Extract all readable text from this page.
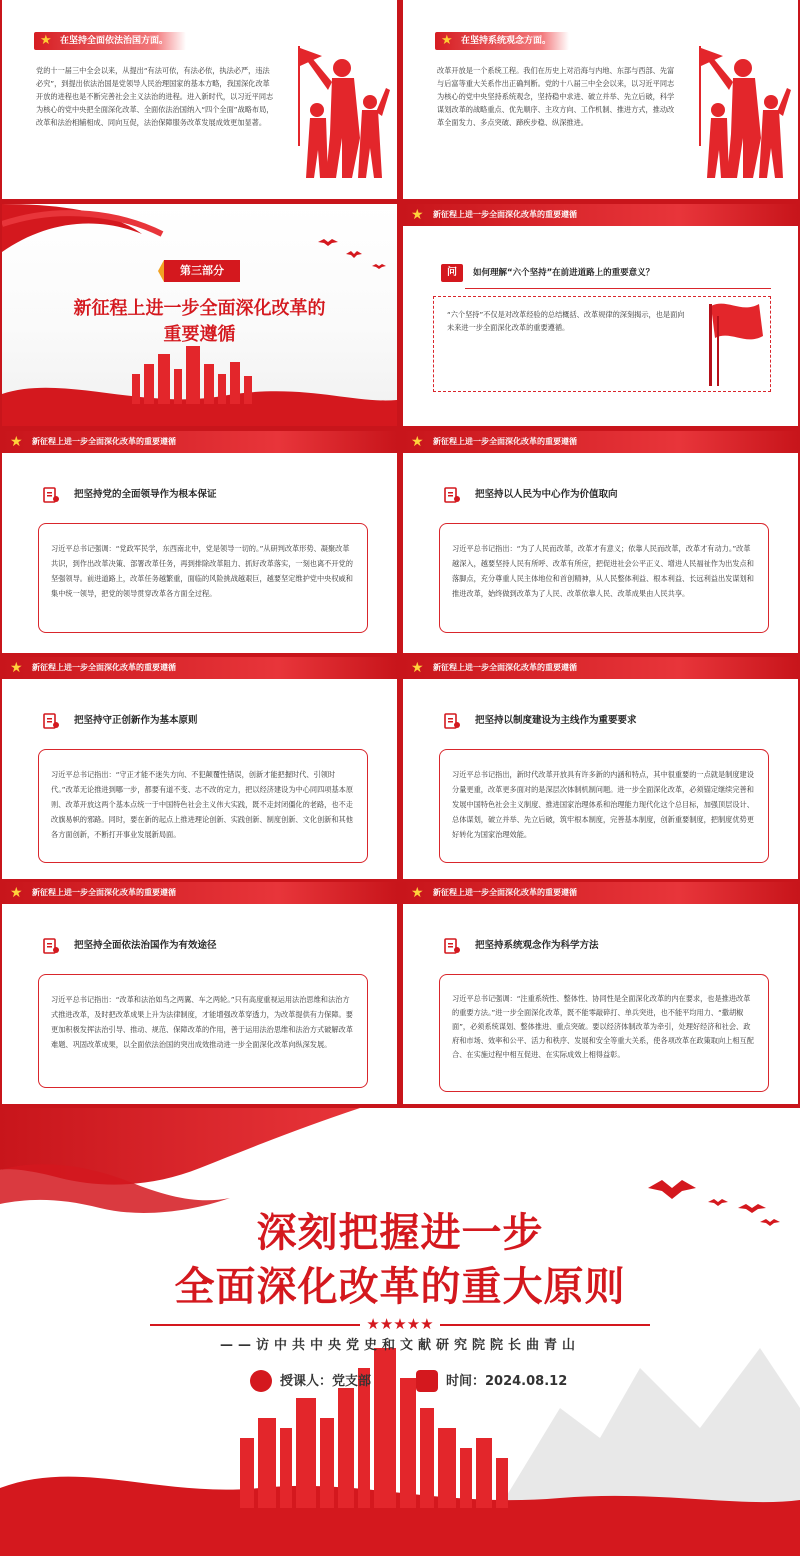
★ 在坚持全面依法治国方面。
党的十一届三中全会以来，从提出“有法可依，有法必依，执法必严，违法必究”，到提出依法治国是党领导人民治理国家的基本方略，我国深化改革开放的进程也是不断完善社会主义法治的进程。进入新时代，以习近平同志为核心的党中央把全面深化改革、全面依法治国纳入“四个全面”战略布局，改革和法治相辅相成、同向互促，法治保障服务改革发展成效更加显著。
★ 在坚持系统观念方面。
改革开放是一个系统工程。我们在历史上对沿海与内地、东部与西部、先富与后富等重大关系作出正确判断。党的十八届三中全会以来，以习近平同志为核心的党中央坚持系统观念，坚持稳中求进、破立并举、先立后破，科学谋划改革的战略重点、优先顺序、主攻方向、工作机制、推进方式，推动改革全面发力、多点突破、蹄疾步稳、纵深推进。
第三部分
新征程上进一步全面深化改革的
重要遵循
★ 新征程上进一步全面深化改革的重要遵循
问	如何理解“六个坚持”在前进道路上的重要意义？
“六个坚持”不仅是对改革经验的总结概括、改革规律的深刻揭示，也是面向未来进一步全面深化改革的重要遵循。
★ 新征程上进一步全面深化改革的重要遵循
把坚持党的全面领导作为根本保证
习近平总书记强调：“党政军民学，东西南北中，党是领导一切的。”从研判改革形势、凝聚改革共识，到作出改革决策、部署改革任务，再到排除改革阻力、抓好改革落实，一刻也离不开党的坚强领导。前进道路上，改革任务越繁重，面临的风险挑战越艰巨，越要坚定维护党中央权威和集中统一领导，把党的领导贯穿改革各方面全过程。
★ 新征程上进一步全面深化改革的重要遵循
把坚持以人民为中心作为价值取向
习近平总书记指出：“为了人民而改革，改革才有意义；依靠人民而改革，改革才有动力。”改革越深入，越要坚持人民有所呼、改革有所应，把促进社会公平正义、增进人民福祉作为出发点和落脚点，充分尊重人民主体地位和首创精神，从人民整体利益、根本利益、长远利益出发谋划和推进改革，始终做到改革为了人民、改革依靠人民、改革成果由人民共享。
★ 新征程上进一步全面深化改革的重要遵循
把坚持守正创新作为基本原则
习近平总书记指出：“守正才能不迷失方向、不犯颠覆性错误，创新才能把握时代、引领时代。”改革无论推进到哪一步，都要有道不变、志不改的定力，把以经济建设为中心同四项基本原则、改革开放这两个基本点统一于中国特色社会主义伟大实践，既不走封闭僵化的老路，也不走改旗易帜的邪路。同时，要在新的起点上推进理论创新、实践创新、制度创新、文化创新和其他各方面创新，不断打开事业发展新局面。
★ 新征程上进一步全面深化改革的重要遵循
把坚持以制度建设为主线作为重要要求
习近平总书记指出，新时代改革开放具有许多新的内涵和特点，其中很重要的一点就是制度建设分量更重，改革更多面对的是深层次体制机制问题。进一步全面深化改革，必须锚定继续完善和发展中国特色社会主义制度、推进国家治理体系和治理能力现代化这个总目标，加强顶层设计、总体谋划，破立并举、先立后破，筑牢根本制度，完善基本制度，创新重要制度，把制度优势更好转化为国家治理效能。
★ 新征程上进一步全面深化改革的重要遵循
把坚持全面依法治国作为有效途径
习近平总书记指出：“改革和法治如鸟之两翼、车之两轮。”只有高度重视运用法治思维和法治方式推进改革，及时把改革成果上升为法律制度，才能增强改革穿透力，为改革提供有力保障。要更加积极发挥法治引导、推动、规范、保障改革的作用，善于运用法治思维和法治方式破解改革难题、巩固改革成果，以全面依法治国的突出成效推动进一步全面深化改革向纵深发展。
★ 新征程上进一步全面深化改革的重要遵循
把坚持系统观念作为科学方法
习近平总书记强调：“注重系统性、整体性、协同性是全面深化改革的内在要求，也是推进改革的重要方法。”进一步全面深化改革，既不能零敲碎打、单兵突进，也不能平均用力、“撒胡椒面”，必须系统谋划、整体推进、重点突破。要以经济体制改革为牵引，处理好经济和社会、政府和市场、效率和公平、活力和秩序、发展和安全等重大关系，使各项改革在政策取向上相互配合、在实施过程中相互促进、在实际成效上相得益彰。
深刻把握进一步
全面深化改革的重大原则
★★★★★
——访中共中央党史和文献研究院院长曲青山
授课人：党支部	时间：2024.08.12
